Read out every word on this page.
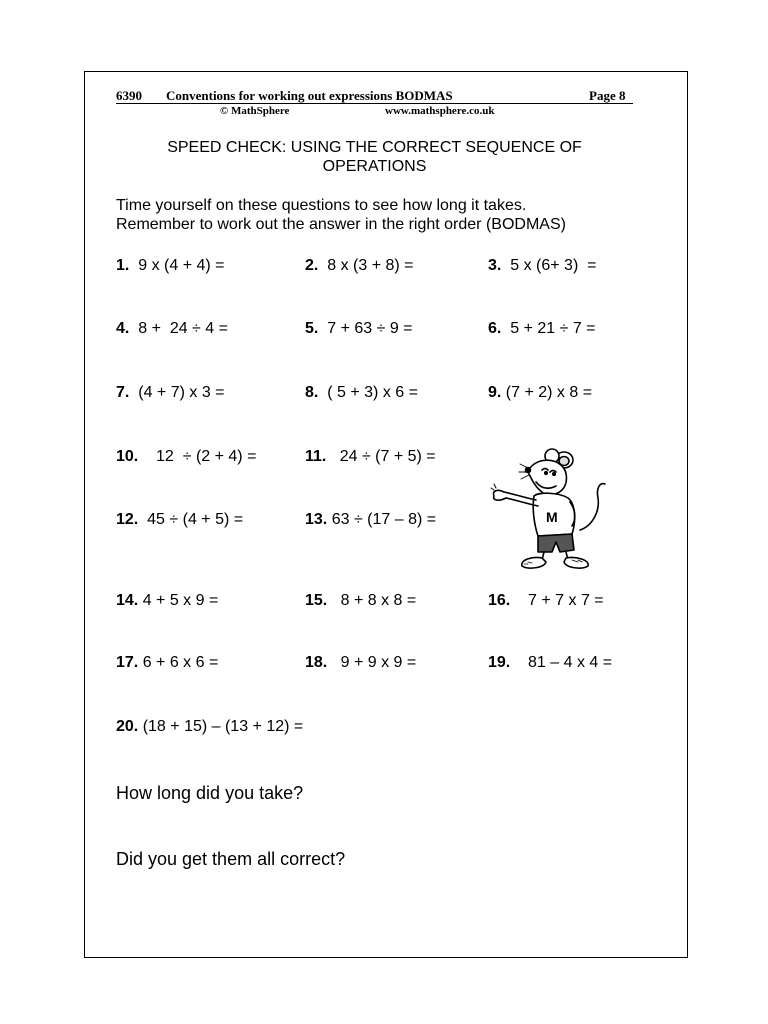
6390 Conventions for working out expressions BODMAS	Page 8
© MathSphere	www.mathsphere.co.uk
SPEED CHECK: USING THE CORRECT SEQUENCE OF
OPERATIONS
Time yourself on these questions to see how long it takes.
Remember to work out the answer in the right order (BODMAS)
1. 9 x (4 + 4) =	2. 8 x (3 + 8) =	3. 5 x (6+ 3)  =
4. 8 +  24 ÷ 4 =	5. 7 + 63 ÷ 9 =	6. 5 + 21 ÷ 7 =
7. (4 + 7) x 3 =	8. ( 5 + 3) x 6 =	9. (7 + 2) x 8 =
10. 12  ÷ (2 + 4) =	11. 24 ÷ (7 + 5) =
12. 45 ÷ (4 + 5) =	13. 63 ÷ (17 – 8) =
14. 4 + 5 x 9 =	15. 8 + 8 x 8 =	16. 7 + 7 x 7 =
17. 6 + 6 x 6 =	18. 9 + 9 x 9 =	19. 81 – 4 x 4 =
20. (18 + 15) – (13 + 12) =
How long did you take?
Did you get them all correct?
M
